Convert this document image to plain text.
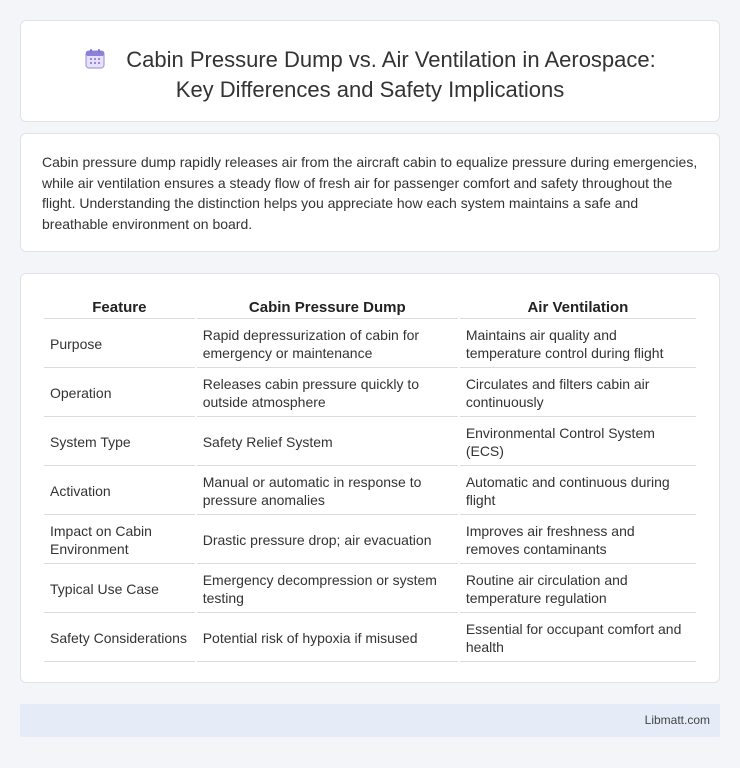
Cabin Pressure Dump vs. Air Ventilation in Aerospace:
Key Differences and Safety Implications

Cabin pressure dump rapidly releases air from the aircraft cabin to equalize pressure during emergencies, while air ventilation ensures a steady flow of fresh air for passenger comfort and safety throughout the flight. Understanding the distinction helps you appreciate how each system maintains a safe and breathable environment on board.

Feature	Cabin Pressure Dump	Air Ventilation
Purpose	Rapid depressurization of cabin for emergency or maintenance	Maintains air quality and temperature control during flight
Operation	Releases cabin pressure quickly to outside atmosphere	Circulates and filters cabin air continuously
System Type	Safety Relief System	Environmental Control System (ECS)
Activation	Manual or automatic in response to pressure anomalies	Automatic and continuous during flight
Impact on Cabin Environment	Drastic pressure drop; air evacuation	Improves air freshness and removes contaminants
Typical Use Case	Emergency decompression or system testing	Routine air circulation and temperature regulation
Safety Considerations	Potential risk of hypoxia if misused	Essential for occupant comfort and health
Libmatt.com
